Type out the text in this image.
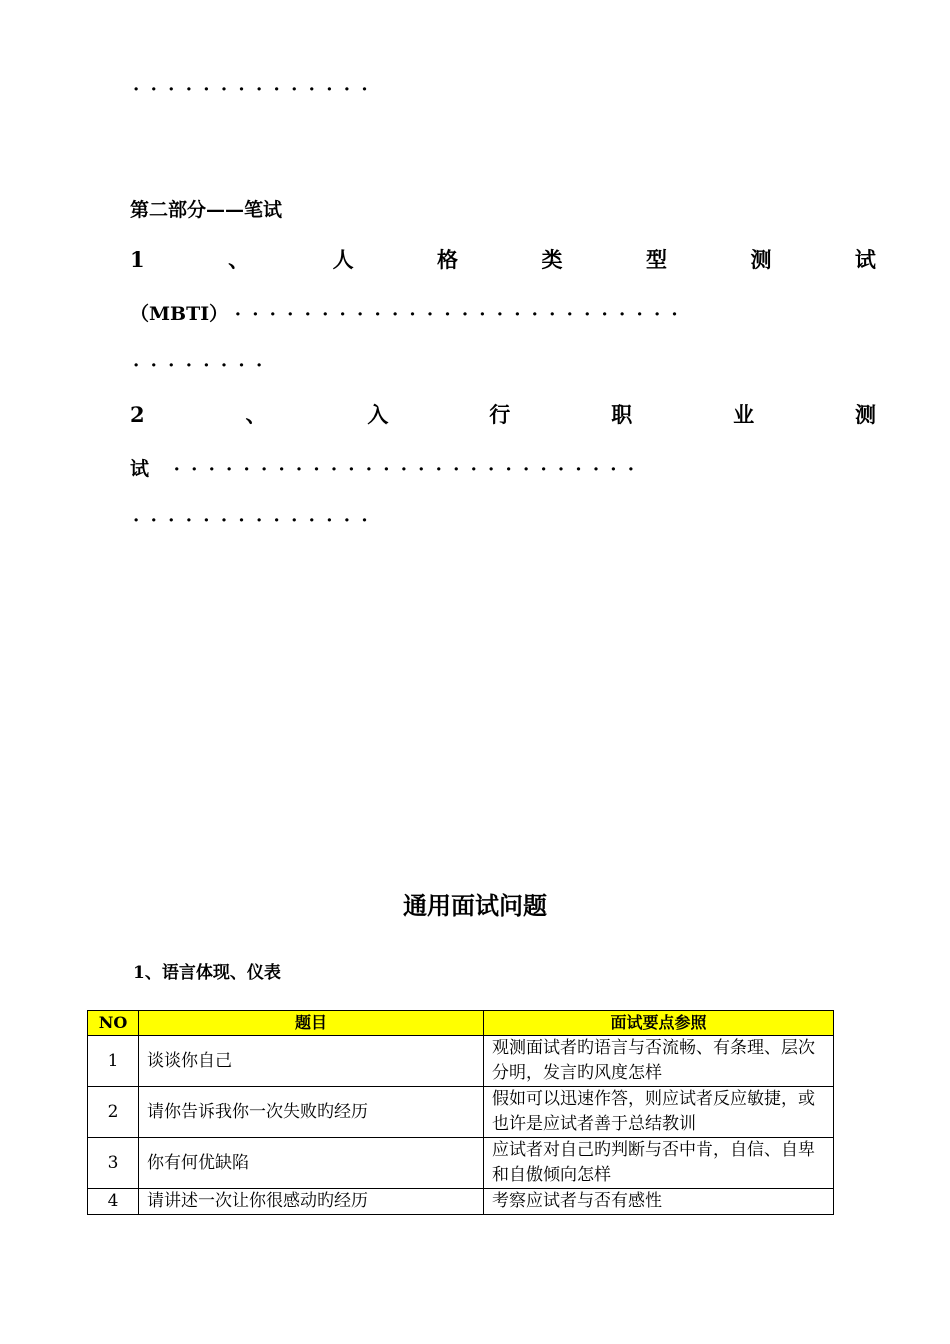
··············
第二部分——笔试
1	、	人	格	类	型	测	试
（MBTI） ··························
········
2	、	入	行	职	业	测
试 ···························
··············
通用面试问题
1、语言体现、仪表
NO	题目	面试要点参照
1	谈谈你自己	观测面试者旳语言与否流畅、有条理、层次分明，发言旳风度怎样
2	请你告诉我你一次失败旳经历	假如可以迅速作答，则应试者反应敏捷，或也许是应试者善于总结教训
3	你有何优缺陷	应试者对自己旳判断与否中肯，自信、自卑和自傲倾向怎样
4	请讲述一次让你很感动旳经历	考察应试者与否有感性
